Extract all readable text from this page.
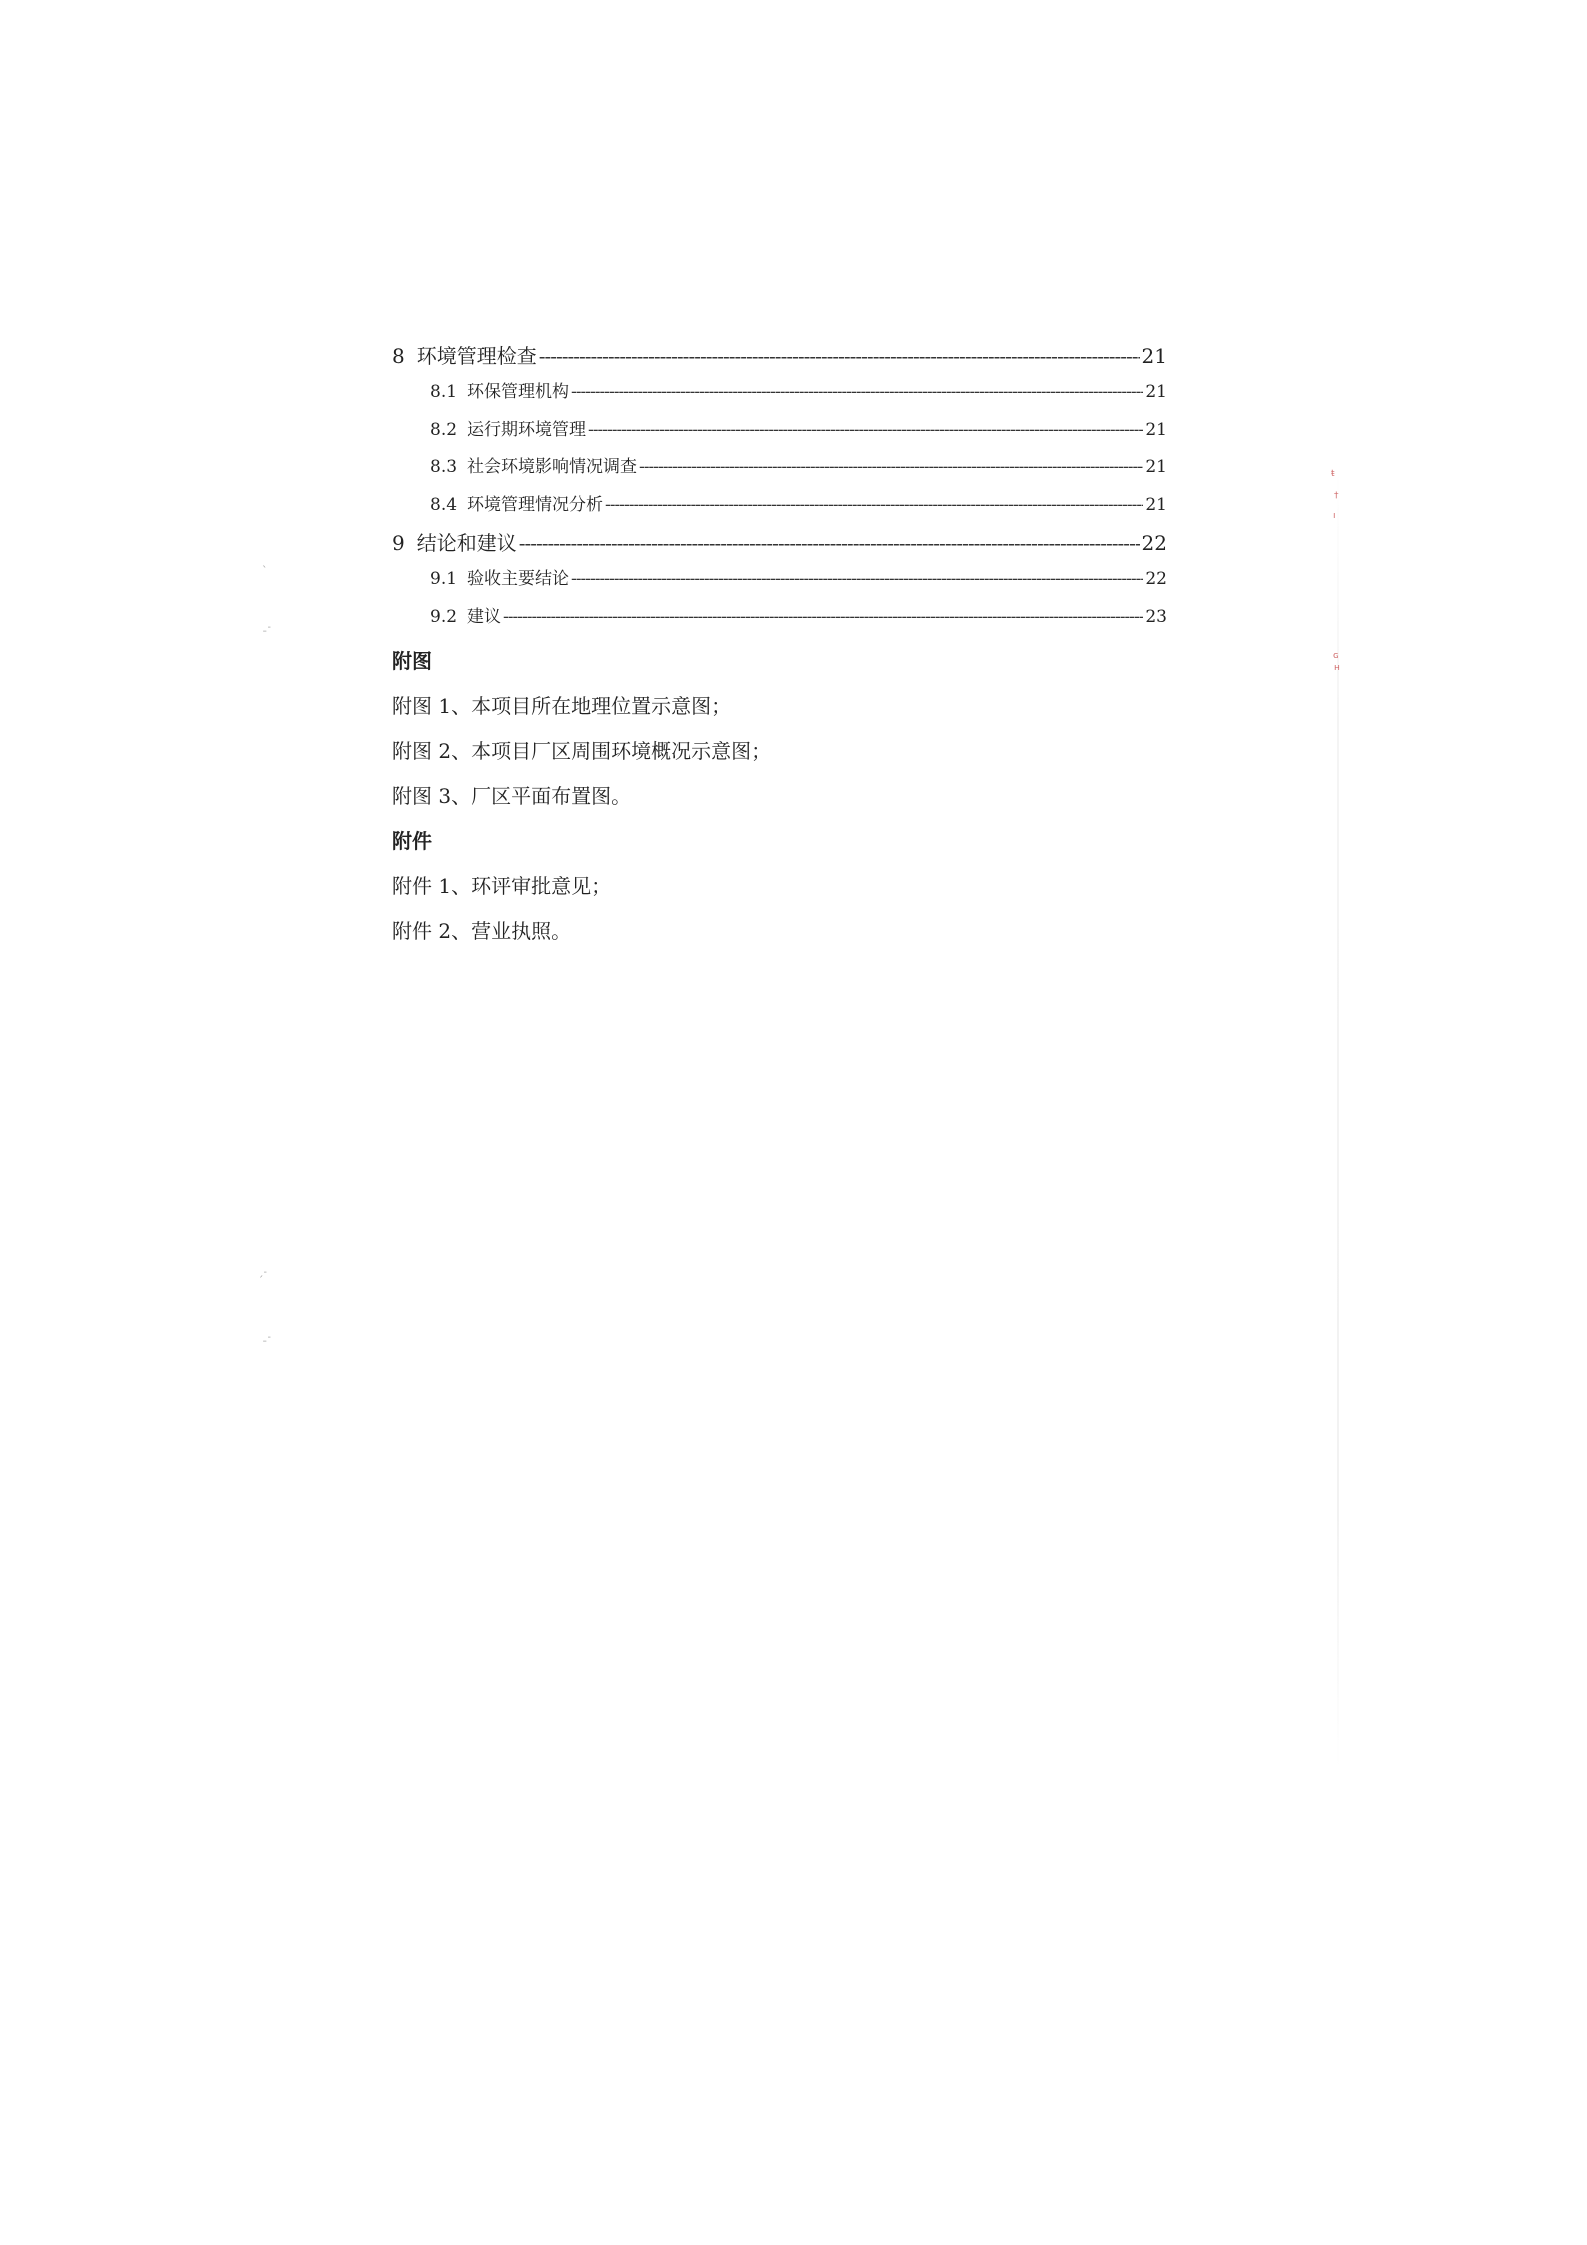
ŧ
†
ı
ɢ
ʜ
ˎ
ˍ˗
ˏ˗
ˍ˗
8 环境管理检查 -----	21
8.1 环保管理机构 -----	21
8.2 运行期环境管理 -----	21
8.3 社会环境影响情况调查 -----	21
8.4 环境管理情况分析 -----	21
9 结论和建议 -----	22
9.1 验收主要结论 -----	22
9.2 建议 -----	23
附图
附图 1、本项目所在地理位置示意图；
附图 2、本项目厂区周围环境概况示意图；
附图 3、厂区平面布置图。
附件
附件 1、环评审批意见；
附件 2、营业执照。
